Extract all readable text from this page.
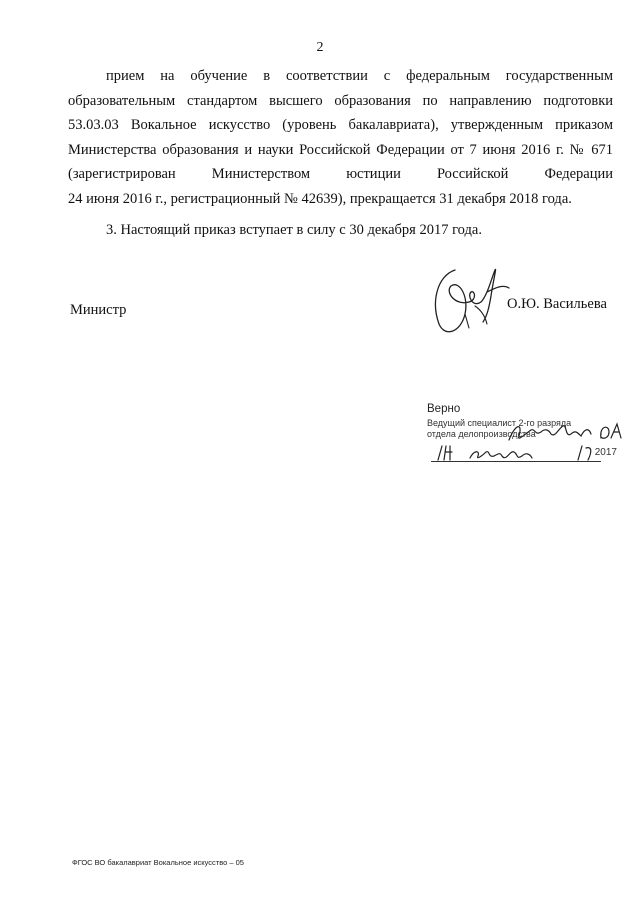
2
прием на обучение в соответствии с федеральным государственным
образовательным стандартом высшего образования по направлению подготовки
53.03.03 Вокальное искусство (уровень бакалавриата), утвержденным приказом
Министерства образования и науки Российской Федерации от 7 июня 2016 г. № 671
(зарегистрирован Министерством юстиции Российской Федерации
24 июня 2016 г., регистрационный № 42639), прекращается 31 декабря 2018 года.
3. Настоящий приказ вступает в силу с 30 декабря 2017 года.
Министр	О.Ю. Васильева
Верно
Ведущий специалист 2-го разряда
отдела делопроизводства
2017
ФГОС ВО бакалавриат Вокальное искусство – 05
